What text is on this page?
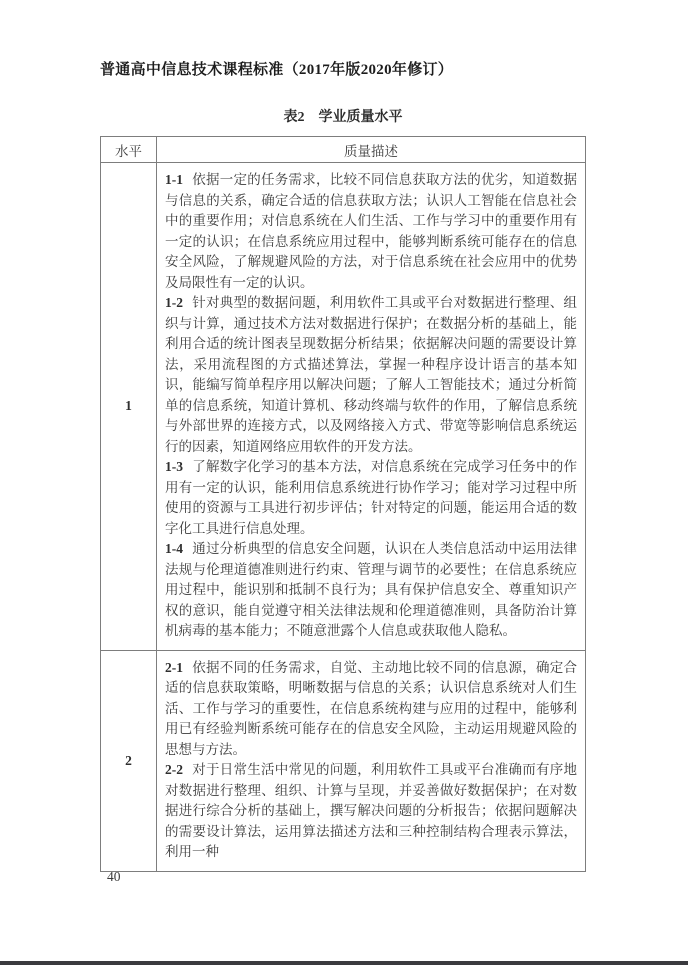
普通高中信息技术课程标准（2017年版2020年修订）
表2　学业质量水平
水平	质量描述
1	1-1 依据一定的任务需求，比较不同信息获取方法的优劣，知道数据与信息的关系，确定合适的信息获取方法；认识人工智能在信息社会中的重要作用；对信息系统在人们生活、工作与学习中的重要作用有一定的认识；在信息系统应用过程中，能够判断系统可能存在的信息安全风险，了解规避风险的方法，对于信息系统在社会应用中的优势及局限性有一定的认识。

1-2 针对典型的数据问题，利用软件工具或平台对数据进行整理、组织与计算，通过技术方法对数据进行保护；在数据分析的基础上，能利用合适的统计图表呈现数据分析结果；依据解决问题的需要设计算法，采用流程图的方式描述算法，掌握一种程序设计语言的基本知识，能编写简单程序用以解决问题；了解人工智能技术；通过分析简单的信息系统，知道计算机、移动终端与软件的作用，了解信息系统与外部世界的连接方式，以及网络接入方式、带宽等影响信息系统运行的因素，知道网络应用软件的开发方法。

1-3 了解数字化学习的基本方法，对信息系统在完成学习任务中的作用有一定的认识，能利用信息系统进行协作学习；能对学习过程中所使用的资源与工具进行初步评估；针对特定的问题，能运用合适的数字化工具进行信息处理。

1-4 通过分析典型的信息安全问题，认识在人类信息活动中运用法律法规与伦理道德准则进行约束、管理与调节的必要性；在信息系统应用过程中，能识别和抵制不良行为；具有保护信息安全、尊重知识产权的意识，能自觉遵守相关法律法规和伦理道德准则，具备防治计算机病毒的基本能力；不随意泄露个人信息或获取他人隐私。

2	2-1 依据不同的任务需求，自觉、主动地比较不同的信息源，确定合适的信息获取策略，明晰数据与信息的关系；认识信息系统对人们生活、工作与学习的重要性，在信息系统构建与应用的过程中，能够利用已有经验判断系统可能存在的信息安全风险，主动运用规避风险的思想与方法。

2-2 对于日常生活中常见的问题，利用软件工具或平台准确而有序地对数据进行整理、组织、计算与呈现，并妥善做好数据保护；在对数据进行综合分析的基础上，撰写解决问题的分析报告；依据问题解决的需要设计算法，运用算法描述方法和三种控制结构合理表示算法，利用一种

40
